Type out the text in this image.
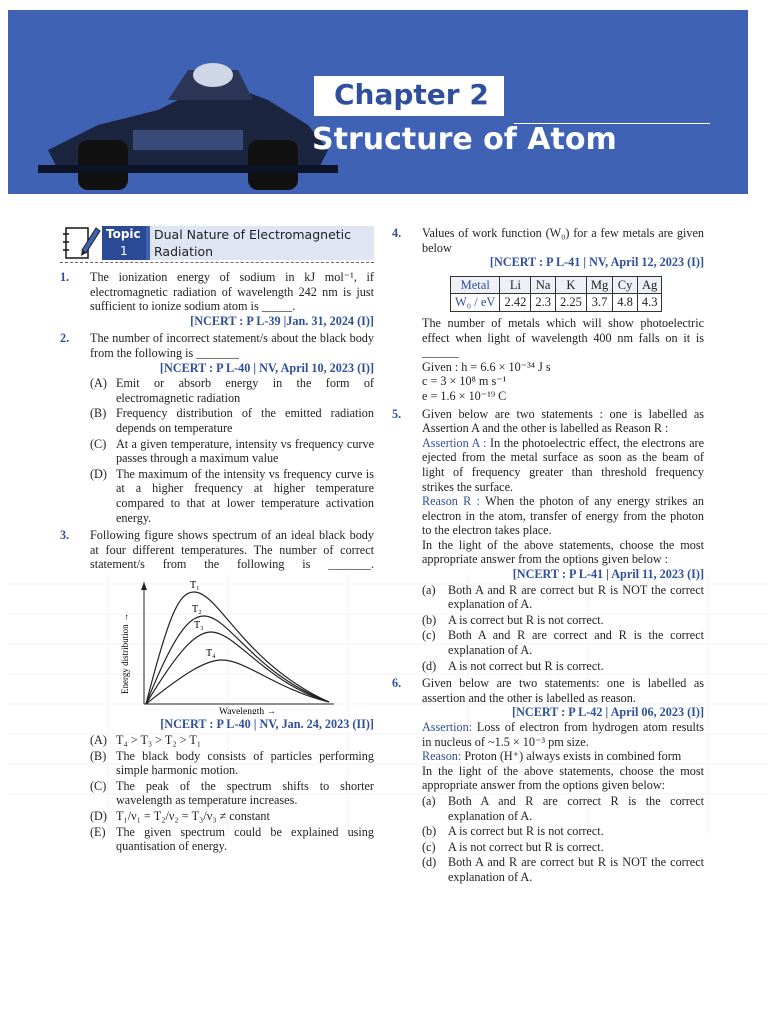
Chapter 2
Structure of Atom
Topic
1
Dual Nature of Electromagnetic
Radiation
1. The ionization energy of sodium in kJ mol⁻¹, if electromagnetic radiation of wavelength 242 nm is just sufficient to ionize sodium atom is _____.
[NCERT : P L-39 |Jan. 31, 2024 (I)]
2. The number of incorrect statement/s about the black body from the following is _______
[NCERT : P L-40 | NV, April 10, 2023 (I)]
(A) Emit or absorb energy in the form of electromagnetic radiation
(B) Frequency distribution of the emitted radiation depends on temperature
(C) At a given temperature, intensity vs frequency curve passes through a maximum value
(D) The maximum of the intensity vs frequency curve is at a higher frequency at higher temperature compared to that at lower temperature activation energy.
3. Following figure shows spectrum of an ideal black body at four different temperatures. The number of correct statement/s from the following is _______.
T₁
T₂
T₃
T₄
Energy distribution →
Wavelength →
[NCERT : P L-40 | NV, Jan. 24, 2023 (II)]
(A) T₄ > T₃ > T₂ > T₁
(B) The black body consists of particles performing simple harmonic motion.
(C) The peak of the spectrum shifts to shorter wavelength as temperature increases.
(D) T₁/ν₁ = T₂/ν₂ = T₃/ν₃ ≠ constant
(E) The given spectrum could be explained using quantisation of energy.
4. Values of work function (W₀) for a few metals are given below
[NCERT : P L-41 | NV, April 12, 2023 (I)]
Metal	Li	Na	K	Mg	Cy	Ag
W₀ / eV	2.42	2.3	2.25	3.7	4.8	4.3
The number of metals which will show photoelectric effect when light of wavelength 400 nm falls on it is ______
Given : h = 6.6 × 10⁻³⁴ J s
c = 3 × 10⁸ m s⁻¹
e = 1.6 × 10⁻¹⁹ C
5. Given below are two statements : one is labelled as Assertion A and the other is labelled as Reason R :
Assertion A : In the photoelectric effect, the electrons are ejected from the metal surface as soon as the beam of light of frequency greater than threshold frequency strikes the surface.
Reason R : When the photon of any energy strikes an electron in the atom, transfer of energy from the photon to the electron takes place.
In the light of the above statements, choose the most appropriate answer from the options given below :
[NCERT : P L-41 | April 11, 2023 (I)]
(a) Both A and R are correct but R is NOT the correct explanation of A.
(b) A is correct but R is not correct.
(c) Both A and R are correct and R is the correct explanation of A.
(d) A is not correct but R is correct.
6. Given below are two statements: one is labelled as assertion and the other is labelled as reason.
[NCERT : P L-42 | April 06, 2023 (I)]
Assertion: Loss of electron from hydrogen atom results in nucleus of ~1.5 × 10⁻³ pm size.
Reason: Proton (H⁺) always exists in combined form
In the light of the above statements, choose the most appropriate answer from the options given below:
(a) Both A and R are correct R is the correct explanation of A.
(b) A is correct but R is not correct.
(c) A is not correct but R is correct.
(d) Both A and R are correct but R is NOT the correct explanation of A.
